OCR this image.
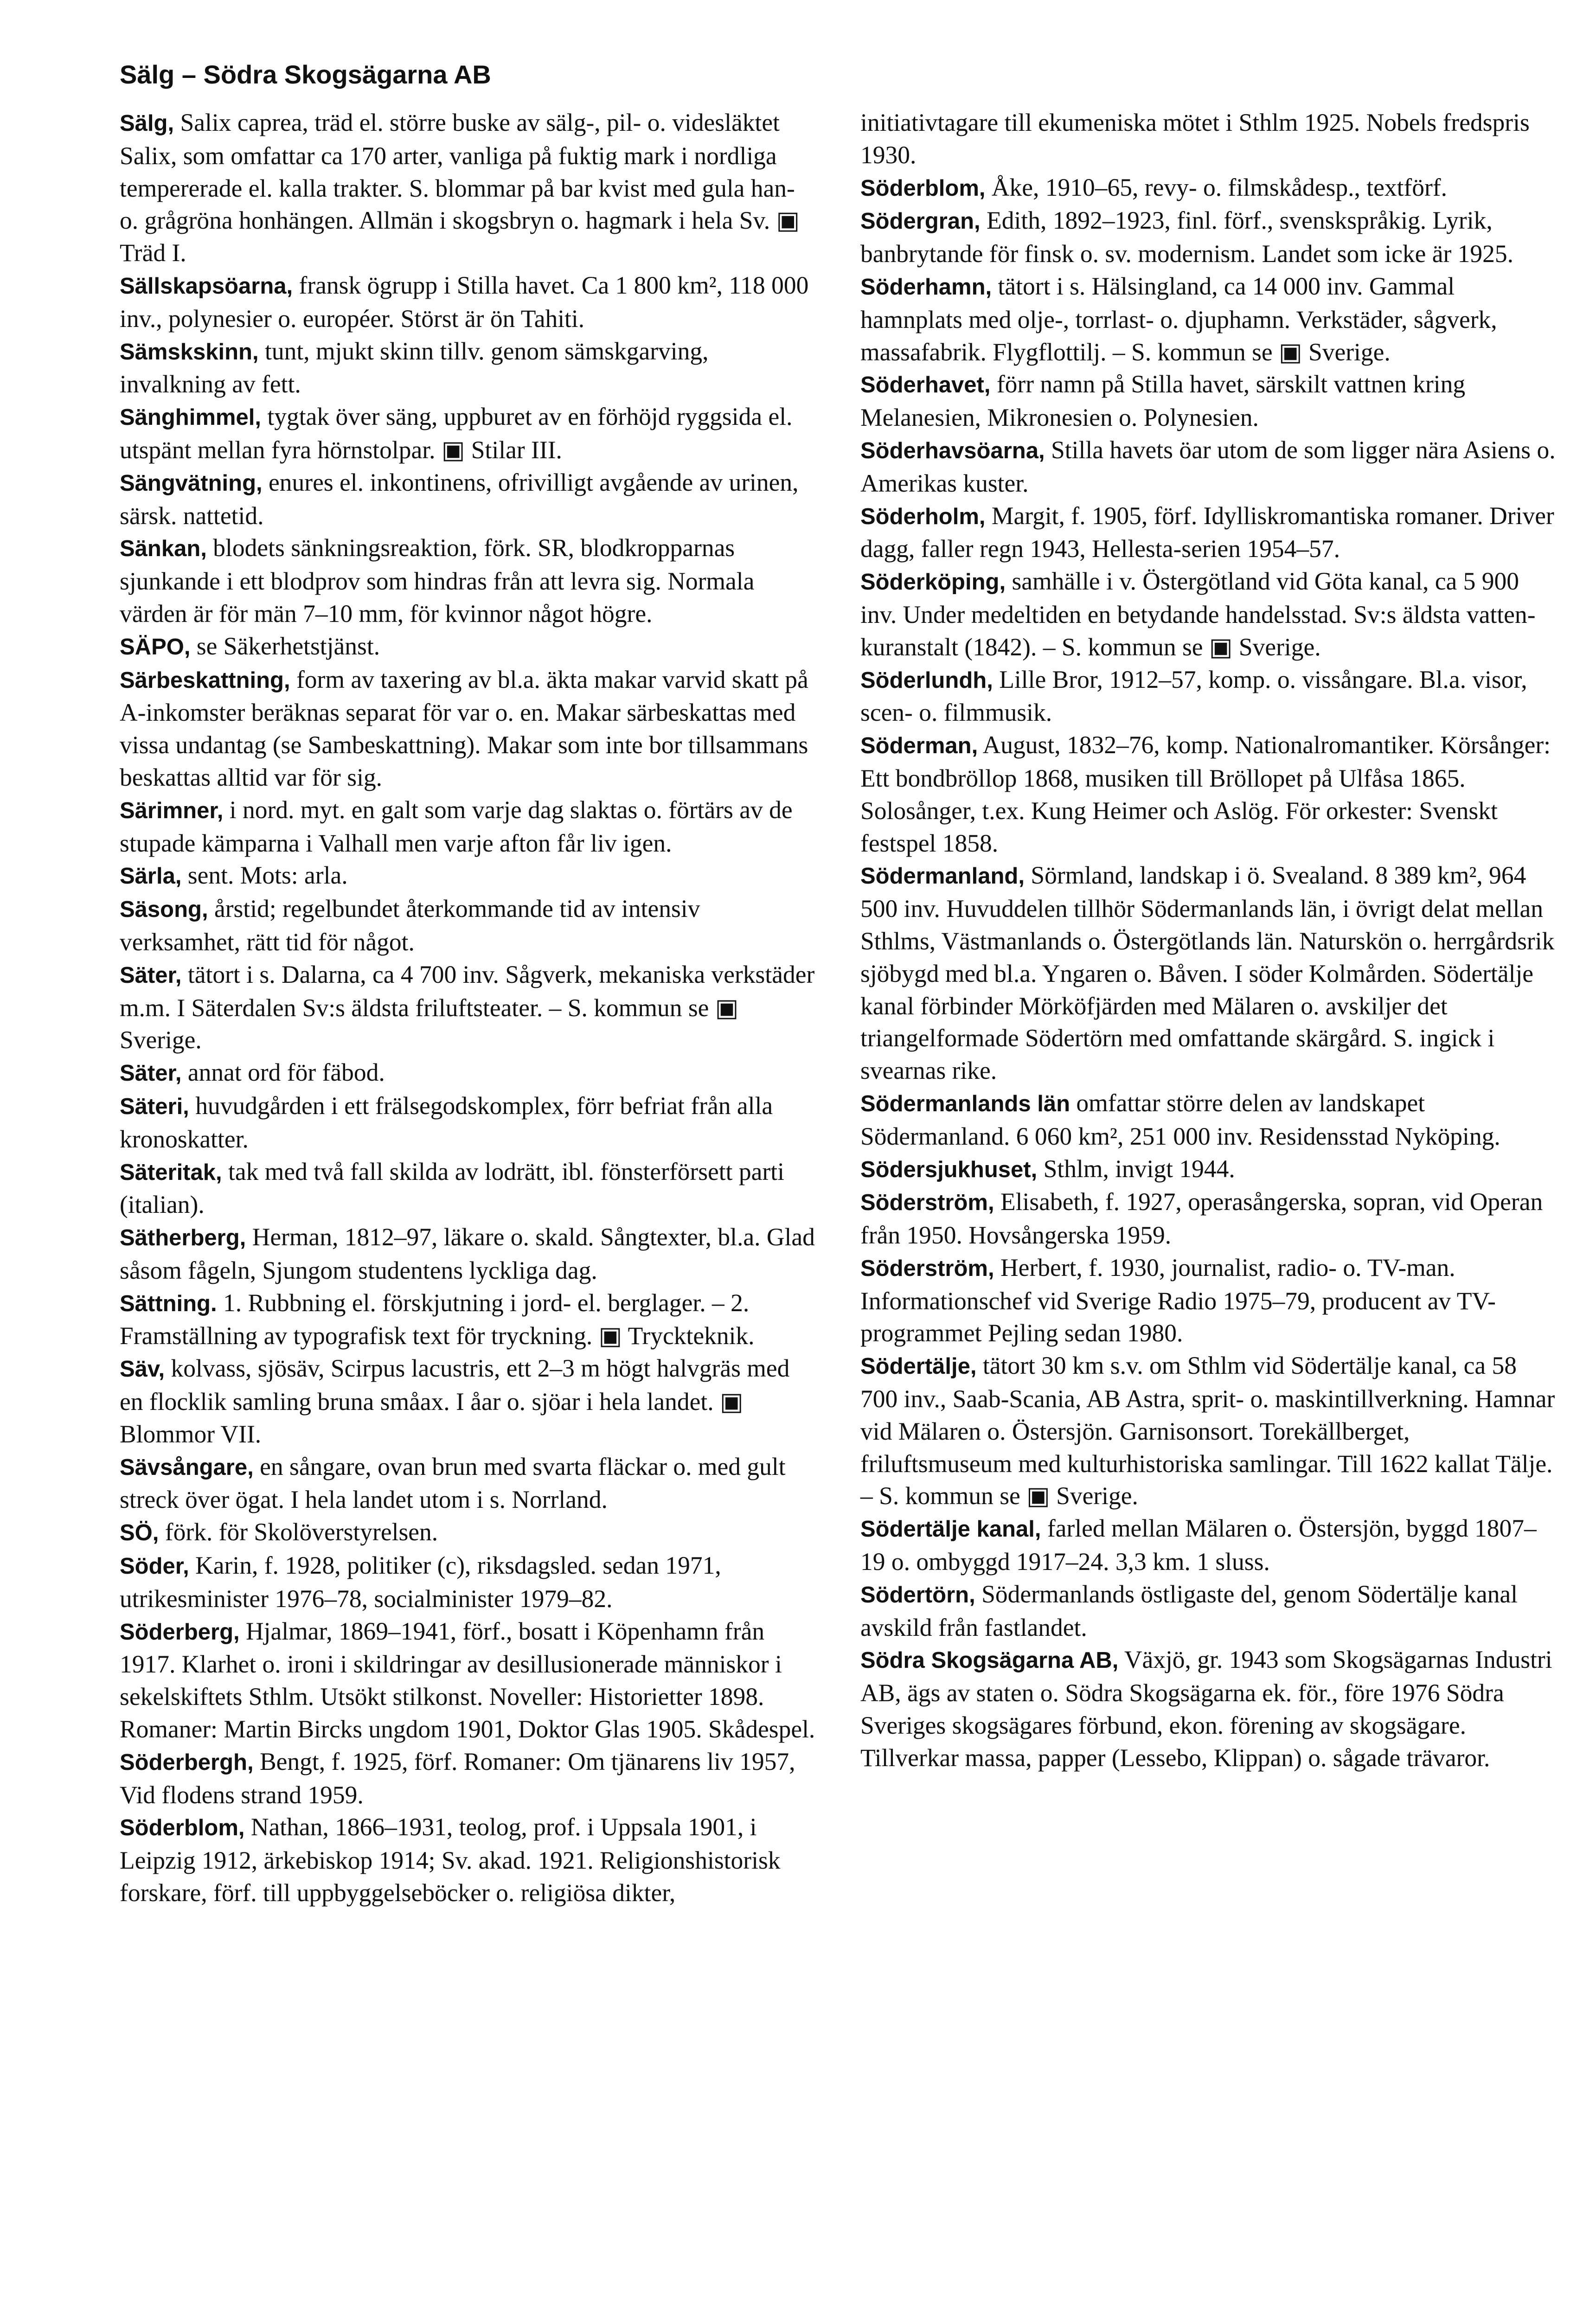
Sälg – Södra Skogsägarna AB

Sälg, Salix caprea, träd el. större buske av sälg-, pil- o. videsläktet Salix, som omfattar ca 170 arter, vanliga på fuktig mark i nordliga tempererade el. kalla trakter. S. blommar på bar kvist med gula han- o. grågröna honhängen. Allmän i skogsbryn o. hagmark i hela Sv. ▣ Träd I.

Sällskapsöarna, fransk ögrupp i Stilla havet. Ca 1 800 km², 118 000 inv., polynesier o. européer. Störst är ön Tahiti.

Sämskskinn, tunt, mjukt skinn tillv. genom sämskgarving, invalkning av fett.

Sänghimmel, tygtak över säng, uppburet av en förhöjd ryggsida el. utspänt mellan fyra hörnstolpar. ▣ Stilar III.

Sängvätning, enures el. inkontinens, ofrivilligt avgående av urinen, särsk. nattetid.

Sänkan, blodets sänkningsreaktion, förk. SR, blodkropparnas sjunkande i ett blodprov som hindras från att levra sig. Normala värden är för män 7–10 mm, för kvinnor något högre.

SÄPO, se Säkerhetstjänst.

Särbeskattning, form av taxering av bl.a. äkta makar varvid skatt på A-inkomster beräknas separat för var o. en. Makar särbeskattas med vissa undantag (se Sambeskattning). Makar som inte bor tillsammans beskattas alltid var för sig.

Särimner, i nord. myt. en galt som varje dag slaktas o. förtärs av de stupade kämparna i Valhall men varje afton får liv igen.

Särla, sent. Mots: arla.

Säsong, årstid; regelbundet återkommande tid av intensiv verksamhet, rätt tid för något.

Säter, tätort i s. Dalarna, ca 4 700 inv. Sågverk, mekaniska verkstäder m.m. I Säterdalen Sv:s äldsta friluftsteater. – S. kommun se ▣ Sverige.

Säter, annat ord för fäbod.

Säteri, huvudgården i ett frälsegodskomplex, förr befriat från alla kronoskatter.

Säteritak, tak med två fall skilda av lodrätt, ibl. fönsterförsett parti (italian).

Sätherberg, Herman, 1812–97, läkare o. skald. Sångtexter, bl.a. Glad såsom fågeln, Sjungom studentens lyckliga dag.

Sättning. 1. Rubbning el. förskjutning i jord- el. berglager. – 2. Framställning av typografisk text för tryckning. ▣ Tryckteknik.

Säv, kolvass, sjösäv, Scirpus lacustris, ett 2–3 m högt halvgräs med en flocklik samling bruna småax. I åar o. sjöar i hela landet. ▣ Blommor VII.

Sävsångare, en sångare, ovan brun med svarta fläckar o. med gult streck över ögat. I hela landet utom i s. Norrland.

SÖ, förk. för Skolöverstyrelsen.

Söder, Karin, f. 1928, politiker (c), riksdagsled. sedan 1971, utrikesminister 1976–78, socialminister 1979–82.

Söderberg, Hjalmar, 1869–1941, förf., bosatt i Köpenhamn från 1917. Klarhet o. ironi i skildringar av desillusionerade människor i sekelskiftets Sthlm. Utsökt stilkonst. Noveller: Historietter 1898. Romaner: Martin Bircks ungdom 1901, Doktor Glas 1905. Skådespel.

Söderbergh, Bengt, f. 1925, förf. Romaner: Om tjänarens liv 1957, Vid flodens strand 1959.

Söderblom, Nathan, 1866–1931, teolog, prof. i Uppsala 1901, i Leipzig 1912, ärkebiskop 1914; Sv. akad. 1921. Religionshistorisk forskare, förf. till uppbyggelseböcker o. religiösa dikter,

initiativtagare till ekumeniska mötet i Sthlm 1925. Nobels fredspris 1930.

Söderblom, Åke, 1910–65, revy- o. filmskådesp., textförf.

Södergran, Edith, 1892–1923, finl. förf., svenskspråkig. Lyrik, banbrytande för finsk o. sv. modernism. Landet som icke är 1925.

Söderhamn, tätort i s. Hälsingland, ca 14 000 inv. Gammal hamnplats med olje-, torrlast- o. djuphamn. Verkstäder, sågverk, massafabrik. Flygflottilj. – S. kommun se ▣ Sverige.

Söderhavet, förr namn på Stilla havet, särskilt vattnen kring Melanesien, Mikronesien o. Polynesien.

Söderhavsöarna, Stilla havets öar utom de som ligger nära Asiens o. Amerikas kuster.

Söderholm, Margit, f. 1905, förf. Idylliskromantiska romaner. Driver dagg, faller regn 1943, Hellesta-serien 1954–57.

Söderköping, samhälle i v. Östergötland vid Göta kanal, ca 5 900 inv. Under medeltiden en betydande handelsstad. Sv:s äldsta vattenkuranstalt (1842). – S. kommun se ▣ Sverige.

Söderlundh, Lille Bror, 1912–57, komp. o. vissångare. Bl.a. visor, scen- o. filmmusik.

Söderman, August, 1832–76, komp. Nationalromantiker. Körsånger: Ett bondbröllop 1868, musiken till Bröllopet på Ulfåsa 1865. Solosånger, t.ex. Kung Heimer och Aslög. För orkester: Svenskt festspel 1858.

Södermanland, Sörmland, landskap i ö. Svealand. 8 389 km², 964 500 inv. Huvuddelen tillhör Södermanlands län, i övrigt delat mellan Sthlms, Västmanlands o. Östergötlands län. Naturskön o. herrgårdsrik sjöbygd med bl.a. Yngaren o. Båven. I söder Kolmården. Södertälje kanal förbinder Mörköfjärden med Mälaren o. avskiljer det triangelformade Södertörn med omfattande skärgård. S. ingick i svearnas rike.

Södermanlands län omfattar större delen av landskapet Södermanland. 6 060 km², 251 000 inv. Residensstad Nyköping.

Södersjukhuset, Sthlm, invigt 1944.

Söderström, Elisabeth, f. 1927, operasångerska, sopran, vid Operan från 1950. Hovsångerska 1959.

Söderström, Herbert, f. 1930, journalist, radio- o. TV-man. Informationschef vid Sverige Radio 1975–79, producent av TV-programmet Pejling sedan 1980.

Södertälje, tätort 30 km s.v. om Sthlm vid Södertälje kanal, ca 58 700 inv., Saab-Scania, AB Astra, sprit- o. maskintillverkning. Hamnar vid Mälaren o. Östersjön. Garnisonsort. Torekällberget, friluftsmuseum med kulturhistoriska samlingar. Till 1622 kallat Tälje. – S. kommun se ▣ Sverige.

Södertälje kanal, farled mellan Mälaren o. Östersjön, byggd 1807–19 o. ombyggd 1917–24. 3,3 km. 1 sluss.

Södertörn, Södermanlands östligaste del, genom Södertälje kanal avskild från fastlandet.

Södra Skogsägarna AB, Växjö, gr. 1943 som Skogsägarnas Industri AB, ägs av staten o. Södra Skogsägarna ek. för., före 1976 Södra Sveriges skogsägares förbund, ekon. förening av skogsägare. Tillverkar massa, papper (Lessebo, Klippan) o. sågade trävaror.
